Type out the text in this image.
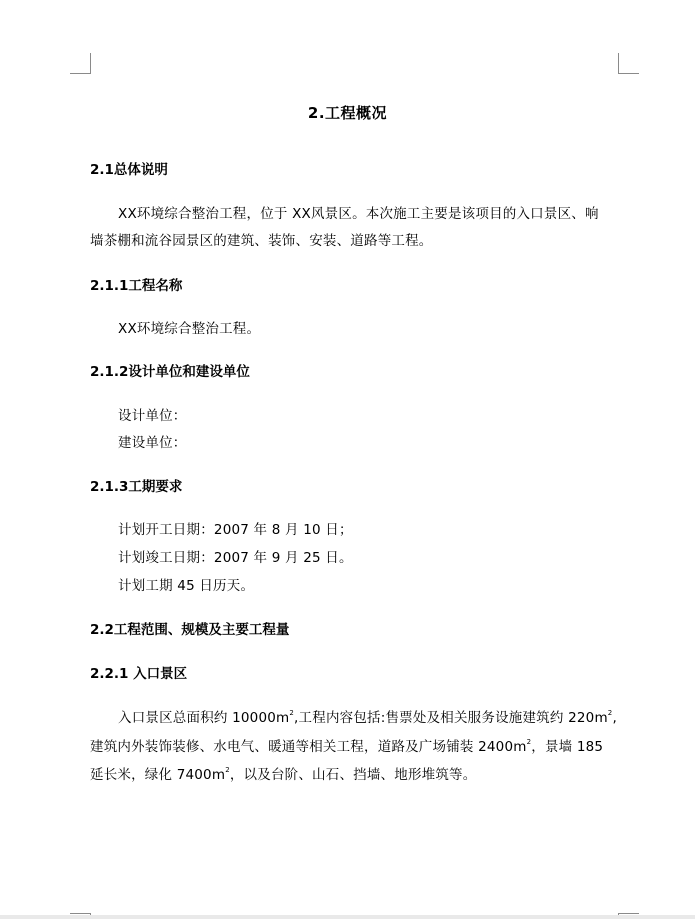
2.工程概况
2.1总体说明
XX环境综合整治工程，位于 XX风景区。本次施工主要是该项目的入口景区、响
墙茶棚和流谷园景区的建筑、装饰、安装、道路等工程。
2.1.1工程名称
XX环境综合整治工程。
2.1.2设计单位和建设单位
设计单位：
建设单位：
2.1.3工期要求
计划开工日期：2007 年 8 月 10 日；
计划竣工日期：2007 年 9 月 25 日。
计划工期 45 日历天。
2.2工程范围、规模及主要工程量
2.2.1 入口景区
入口景区总面积约 $10000m^2$,工程内容包括:售票处及相关服务设施建筑约 $220m^2$,
建筑内外装饰装修、水电气、暖通等相关工程，道路及广场铺装 $2400m^2$，景墙 185
延长米，绿化 $7400m^2$，以及台阶、山石、挡墙、地形堆筑等。
